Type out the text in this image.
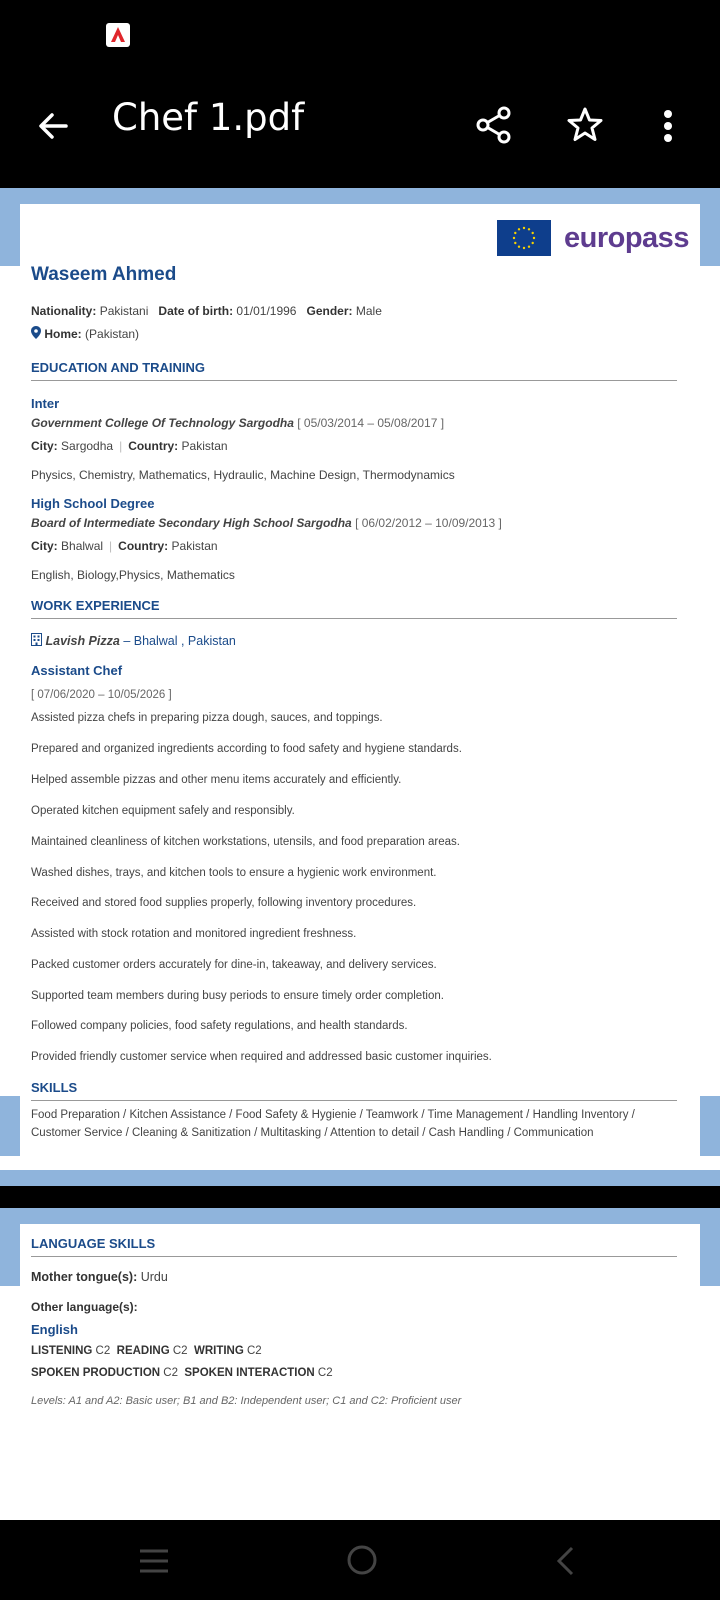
Chef 1.pdf
europass
Waseem Ahmed
Nationality: Pakistani Date of birth: 01/01/1996 Gender: Male
Home: (Pakistan)
EDUCATION AND TRAINING
Inter
Government College Of Technology Sargodha [ 05/03/2014 – 05/08/2017 ]
City: Sargodha | Country: Pakistan
Physics, Chemistry, Mathematics, Hydraulic, Machine Design, Thermodynamics
High School Degree
Board of Intermediate Secondary High School Sargodha [ 06/02/2012 – 10/09/2013 ]
City: Bhalwal | Country: Pakistan
English, Biology,Physics, Mathematics
WORK EXPERIENCE
Lavish Pizza – Bhalwal , Pakistan
Assistant Chef
[ 07/06/2020 – 10/05/2026 ]
Assisted pizza chefs in preparing pizza dough, sauces, and toppings.
Prepared and organized ingredients according to food safety and hygiene standards.
Helped assemble pizzas and other menu items accurately and efficiently.
Operated kitchen equipment safely and responsibly.
Maintained cleanliness of kitchen workstations, utensils, and food preparation areas.
Washed dishes, trays, and kitchen tools to ensure a hygienic work environment.
Received and stored food supplies properly, following inventory procedures.
Assisted with stock rotation and monitored ingredient freshness.
Packed customer orders accurately for dine-in, takeaway, and delivery services.
Supported team members during busy periods to ensure timely order completion.
Followed company policies, food safety regulations, and health standards.
Provided friendly customer service when required and addressed basic customer inquiries.
SKILLS
Food Preparation / Kitchen Assistance / Food Safety & Hygienie / Teamwork / Time Management / Handling Inventory / Customer Service / Cleaning & Sanitization / Multitasking / Attention to detail / Cash Handling / Communication
LANGUAGE SKILLS
Mother tongue(s): Urdu
Other language(s):
English
LISTENING C2 READING C2 WRITING C2
SPOKEN PRODUCTION C2 SPOKEN INTERACTION C2
Levels: A1 and A2: Basic user; B1 and B2: Independent user; C1 and C2: Proficient user
